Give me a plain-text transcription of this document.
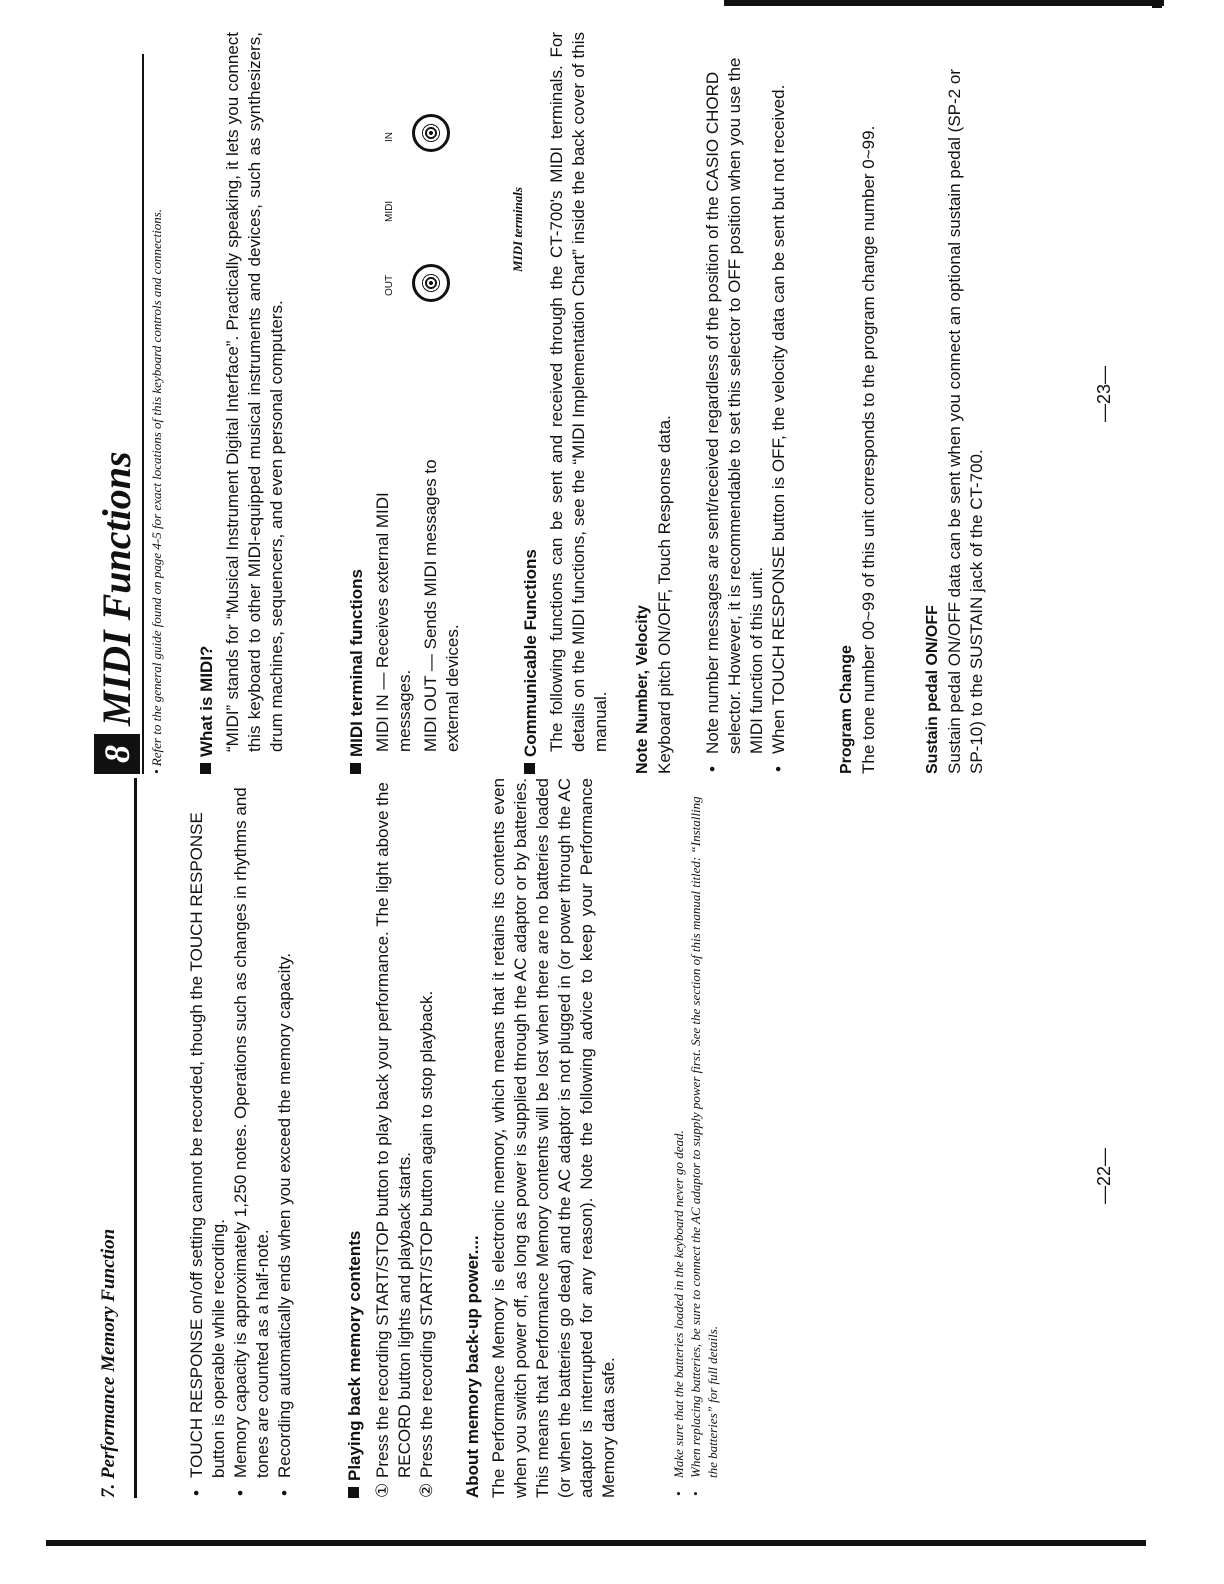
7. Performance Memory Function	• TOUCH RESPONSE on/off setting cannot be recorded, though the TOUCH RESPONSE button is operable while recording. • Memory capacity is approximately 1,250 notes. Operations such as changes in rhythms and tones are counted as a half-note. • Recording automatically ends when you exceed the memory capacity.	Playing back memory contents
①
Press the recording START/STOP button to play back your performance. The light above the RECORD button lights and playback starts.
②
Press the recording START/STOP button again to stop playback. About memory back-up power.... The Performance Memory is electronic memory, which means that it retains its contents even when you switch power off, as long as power is supplied through the AC adaptor or by batteries. This means that Performance Memory contents will be lost when there are no batteries loaded (or when the batteries go dead) and the AC adaptor is not plugged in (or power through the AC adaptor is interrupted for any reason). Note the following advice to keep your Performance Memory data safe.	• Make sure that the batteries loaded in the keyboard never go dead. • When replacing batteries, be sure to connect the AC adaptor to supply power first. See the section of this manual titled: “Installing the batteries” for full details.
—22—
8
MIDI Functions
• Refer to the general guide found on page 4-5 for exact locations of this keyboard controls and connections. What is MIDI? “MIDI” stands for “Musical Instrument Digital Interface”. Practically speaking, it lets you connect this keyboard to other MIDI-equipped musical instruments and devices, such as synthesizers, drum machines, sequencers, and even personal computers.	MIDI terminal functions MIDI IN — Receives external MIDI messages. MIDI OUT — Sends MIDI messages to external devices.

OUT
MIDI
IN
MIDI terminals
Communicable Functions The following functions can be sent and received through the CT-700's MIDI terminals. For details on the MIDI functions, see the “MIDI Implementation Chart” inside the back cover of this manual. Note Number, Velocity Keyboard pitch ON/OFF, Touch Response data. • Note number messages are sent/received regardless of the position of the CASIO CHORD selector. However, it is recommendable to set this selector to OFF position when you use the MIDI function of this unit. • When TOUCH RESPONSE button is OFF, the velocity data can be sent but not received.	Program Change The tone number 00~99 of this unit corresponds to the program change number 0~99.	Sustain pedal ON/OFF Sustain pedal ON/OFF data can be sent when you connect an optional sustain pedal (SP-2 or SP-10) to the SUSTAIN jack of the CT-700.

—23—
